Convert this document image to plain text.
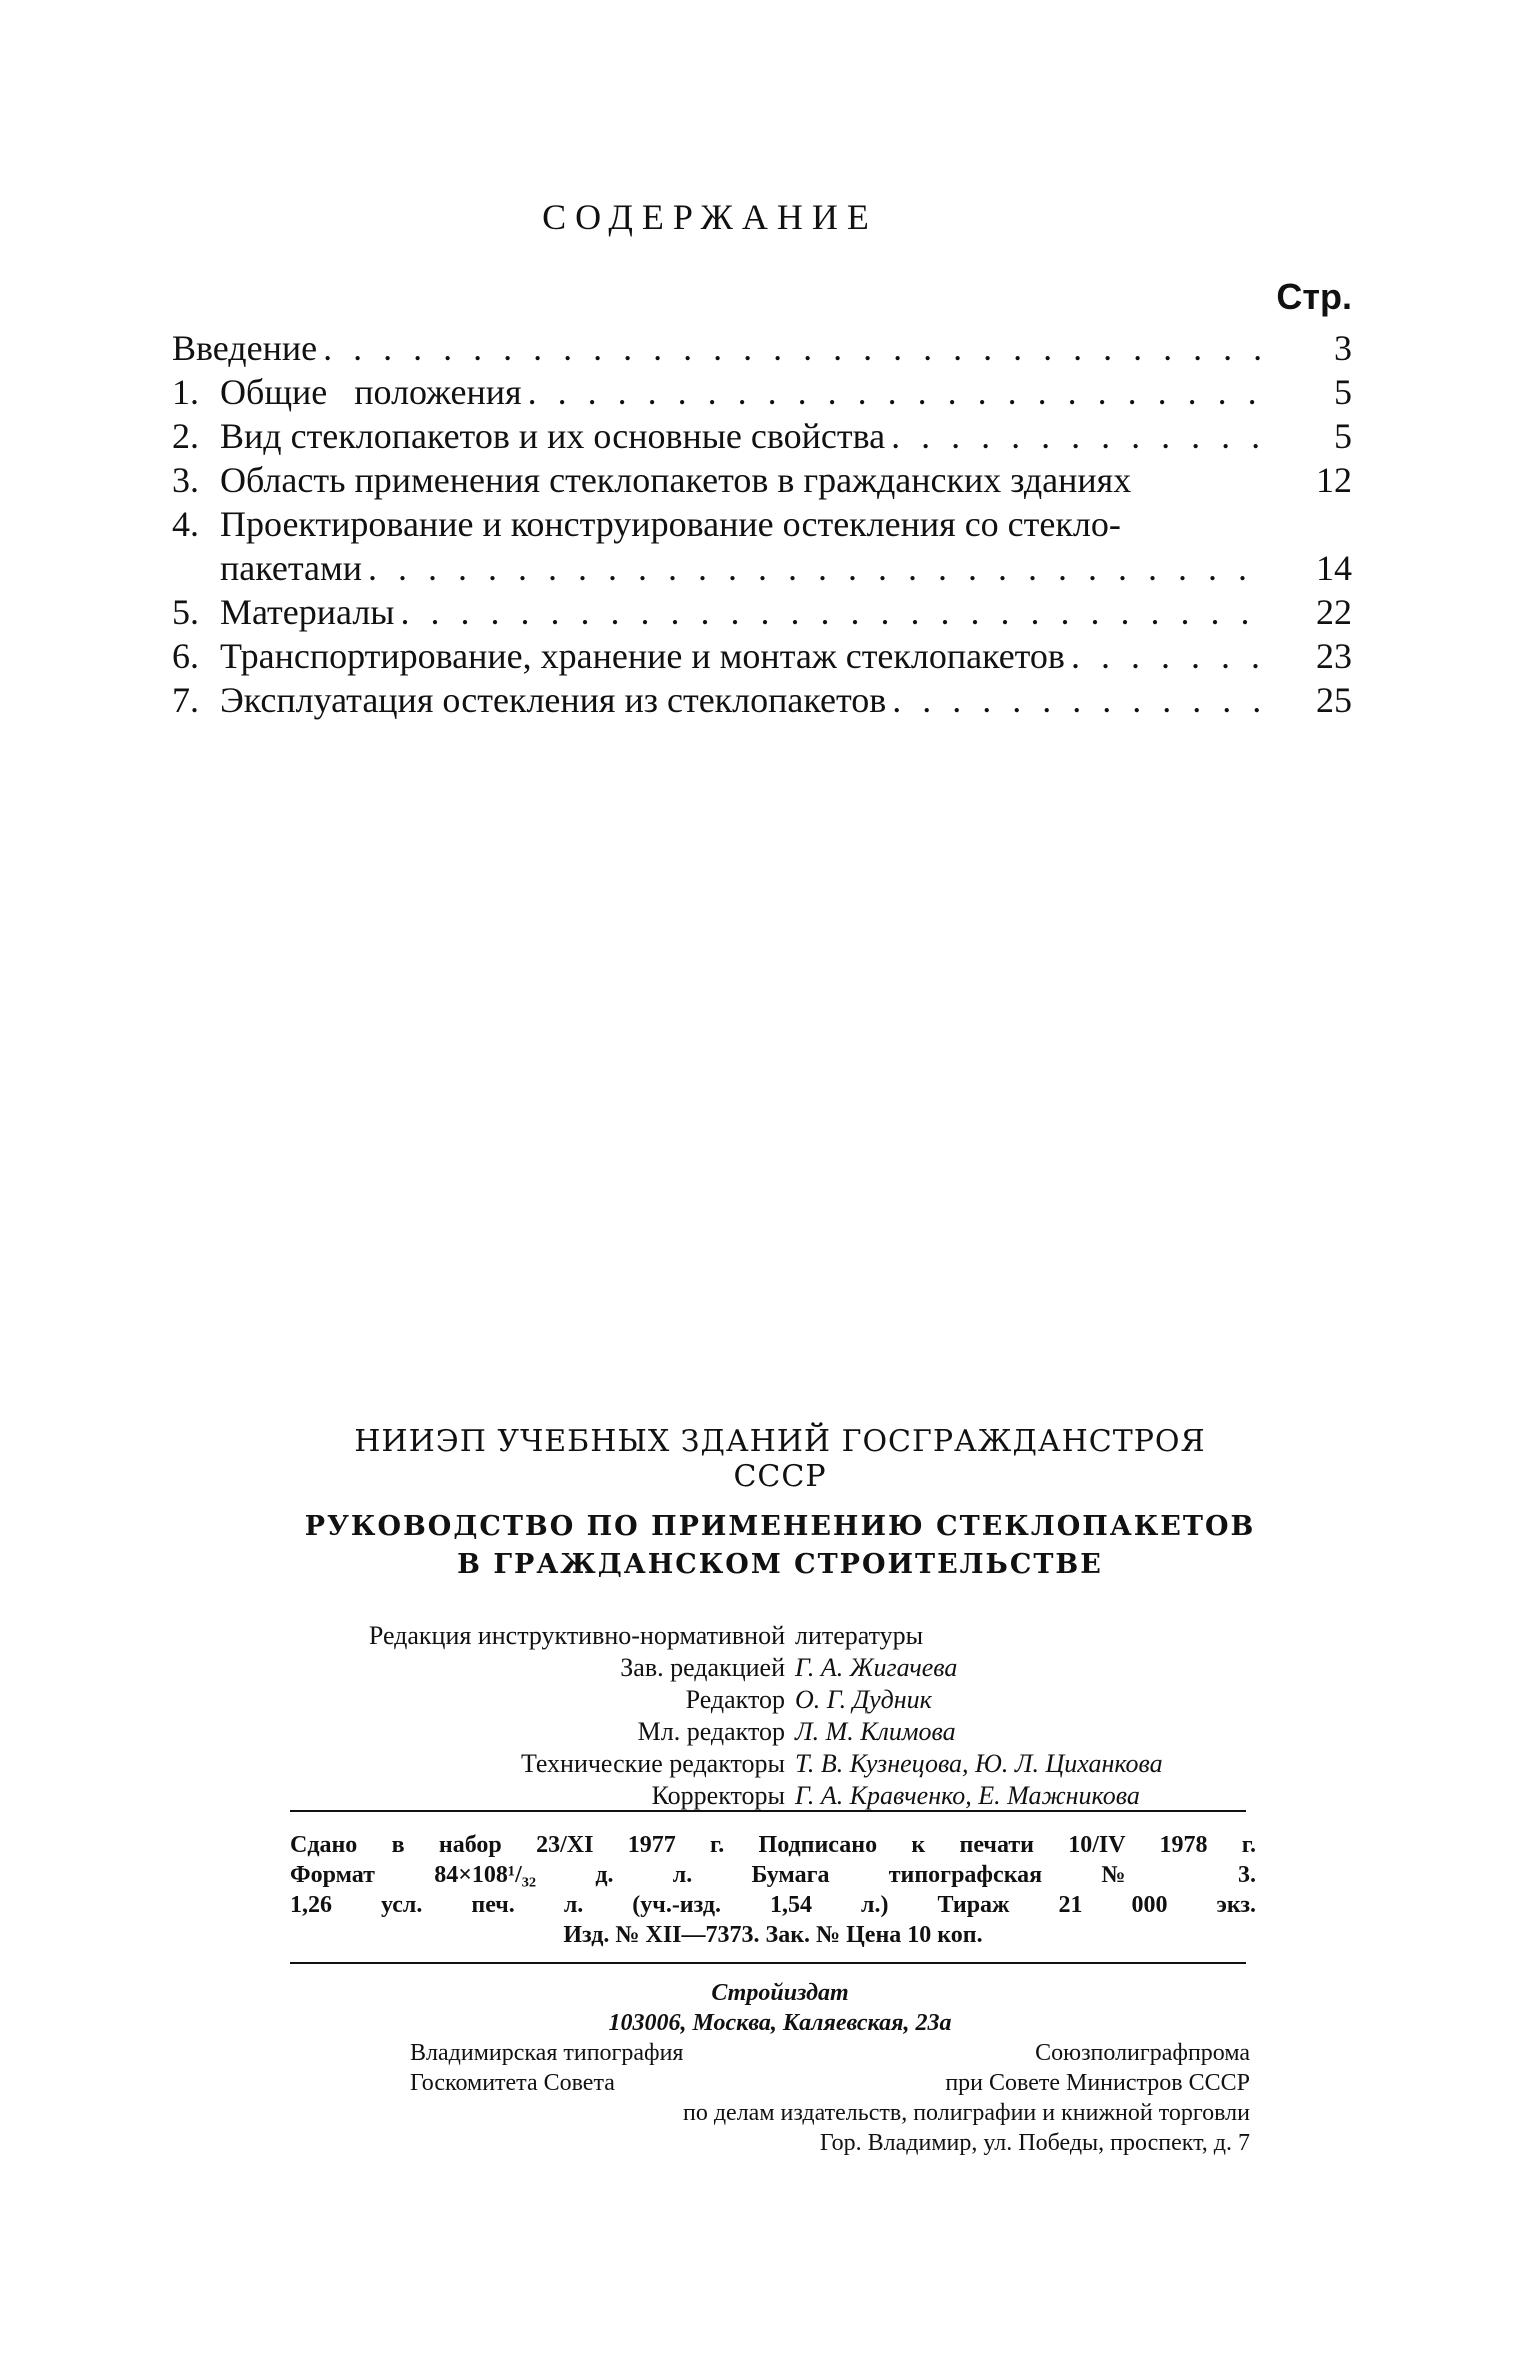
СОДЕРЖАНИЕ
Стр.
Введение . . .	3
1. Общие   положения . . .	5
2. Вид стеклопакетов и их основные свойства . . .	5
3. Область применения стеклопакетов в гражданских зданиях	12
4. Проектирование и конструирование остекления со стекло-
пакетами . . .	14
5. Материалы . . .	22
6. Транспортирование, хранение и монтаж стеклопакетов . . .	23
7. Эксплуатация остекления из стеклопакетов . . .	25
НИИЭП УЧЕБНЫХ ЗДАНИЙ ГОСГРАЖДАНСТРОЯ СССР
РУКОВОДСТВО ПО ПРИМЕНЕНИЮ СТЕКЛОПАКЕТОВ
В ГРАЖДАНСКОМ СТРОИТЕЛЬСТВЕ
Редакция инструктивно-нормативной литературы
Зав. редакцией Г. А. Жигачева
Редактор О. Г. Дудник
Мл. редактор Л. М. Климова
Технические редакторы Т. В. Кузнецова, Ю. Л. Циханкова
Корректоры Г. А. Кравченко, Е. Мажникова
Сдано в набор 23/XI 1977 г. Подписано к печати 10/IV 1978 г.
Формат 84×108¹/₃₂ д. л. Бумага типографская № 3.
1,26 усл. печ. л. (уч.-изд. 1,54 л.) Тираж 21 000 экз.
Изд. № XII—7373. Зак. № Цена 10 коп.
Стройиздат
103006, Москва, Каляевская, 23а
Владимирская типография	Союзполиграфпрома
Госкомитета Совета	при Совете Министров СССР
по делам издательств, полиграфии и книжной торговли
Гор. Владимир, ул. Победы, проспект, д. 7
